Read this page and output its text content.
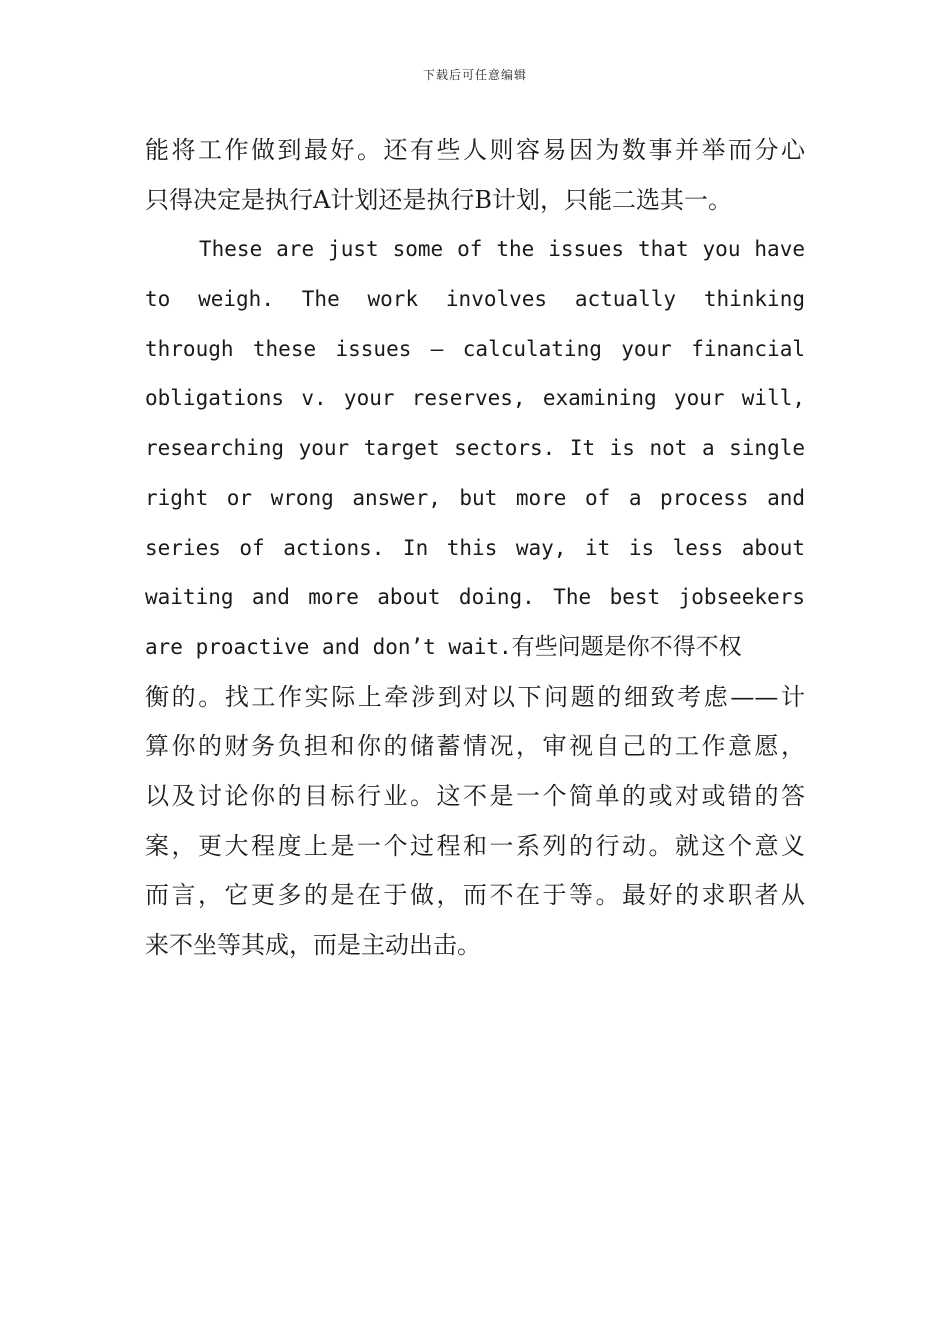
下载后可任意编辑
能将工作做到最好。还有些人则容易因为数事并举而分心
只得决定是执行A计划还是执行B计划，只能二选其一。
These are just some of the issues that you have
to weigh. The work involves actually thinking
through these issues – calculating your financial
obligations v. your reserves, examining your will,
researching your target sectors. It is not a single
right or wrong answer, but more of a process and
series of actions. In this way, it is less about
waiting and more about doing. The best jobseekers
are proactive and don’t wait.有些问题是你不得不权
衡的。找工作实际上牵涉到对以下问题的细致考虑——计
算你的财务负担和你的储蓄情况，审视自己的工作意愿，
以及讨论你的目标行业。这不是一个简单的或对或错的答
案，更大程度上是一个过程和一系列的行动。就这个意义
而言，它更多的是在于做，而不在于等。最好的求职者从
来不坐等其成，而是主动出击。
